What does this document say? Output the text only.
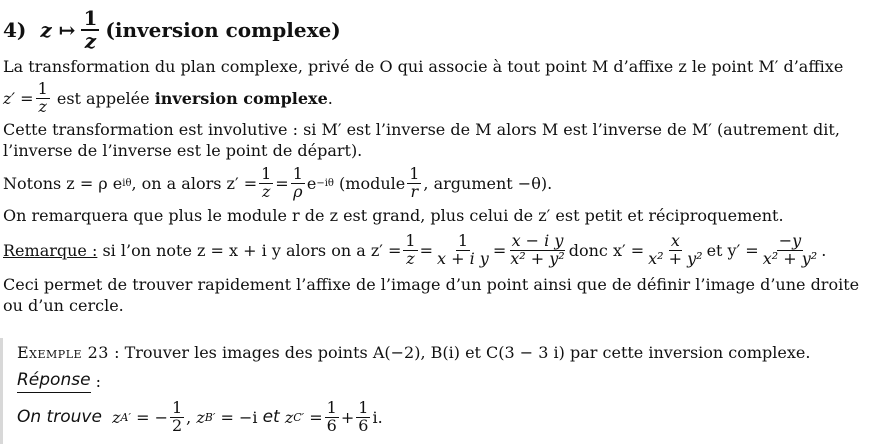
4) z ↦ $\frac{1}{z}$ (inversion complexe)
La transformation du plan complexe, privé de O qui associe à tout point M d’affixe z le point M′ d’affixe
$z' = \frac{1}{z}$
est appelée
inversion complexe .
Cette transformation est involutive : si M′ est l’inverse de M alors M est l’inverse de M′ (autrement dit,
l’inverse de l’inverse est le point de départ).
Notons z = ρ e iθ , on a alors $z' = \frac{1}{z} = \frac{1}{\rho}$ e −iθ
(module $\frac{1}{r}$ , argument −θ).
On remarquera que plus le module r de z est grand, plus celui de z′ est petit et réciproquement.
Remarque :
si l’on note z = x + i y alors on a $z' = \frac{1}{z} = \frac{1}{\text{x + i y}} = \frac{\text{x − i y}}{\text{x² + y²}}$ donc $x' = \frac{x}{\text{x² + y²}}$ et $y' = \frac{-y}{\text{x² + y²}}$ .
Ceci permet de trouver rapidement l’affixe de l’image d’un point ainsi que de définir l’image d’une droite
ou d’un cercle.
Exemple 23
: Trouver les images des points A(−2), B(i) et C(3 − 3 i) par cette inversion complexe.
Réponse
:
On trouve
z A′
= − $\frac{1}{2}$ ,
z B′
= −i
et
z C′
= $\frac{1}{6} + \frac{1}{6} i$.
